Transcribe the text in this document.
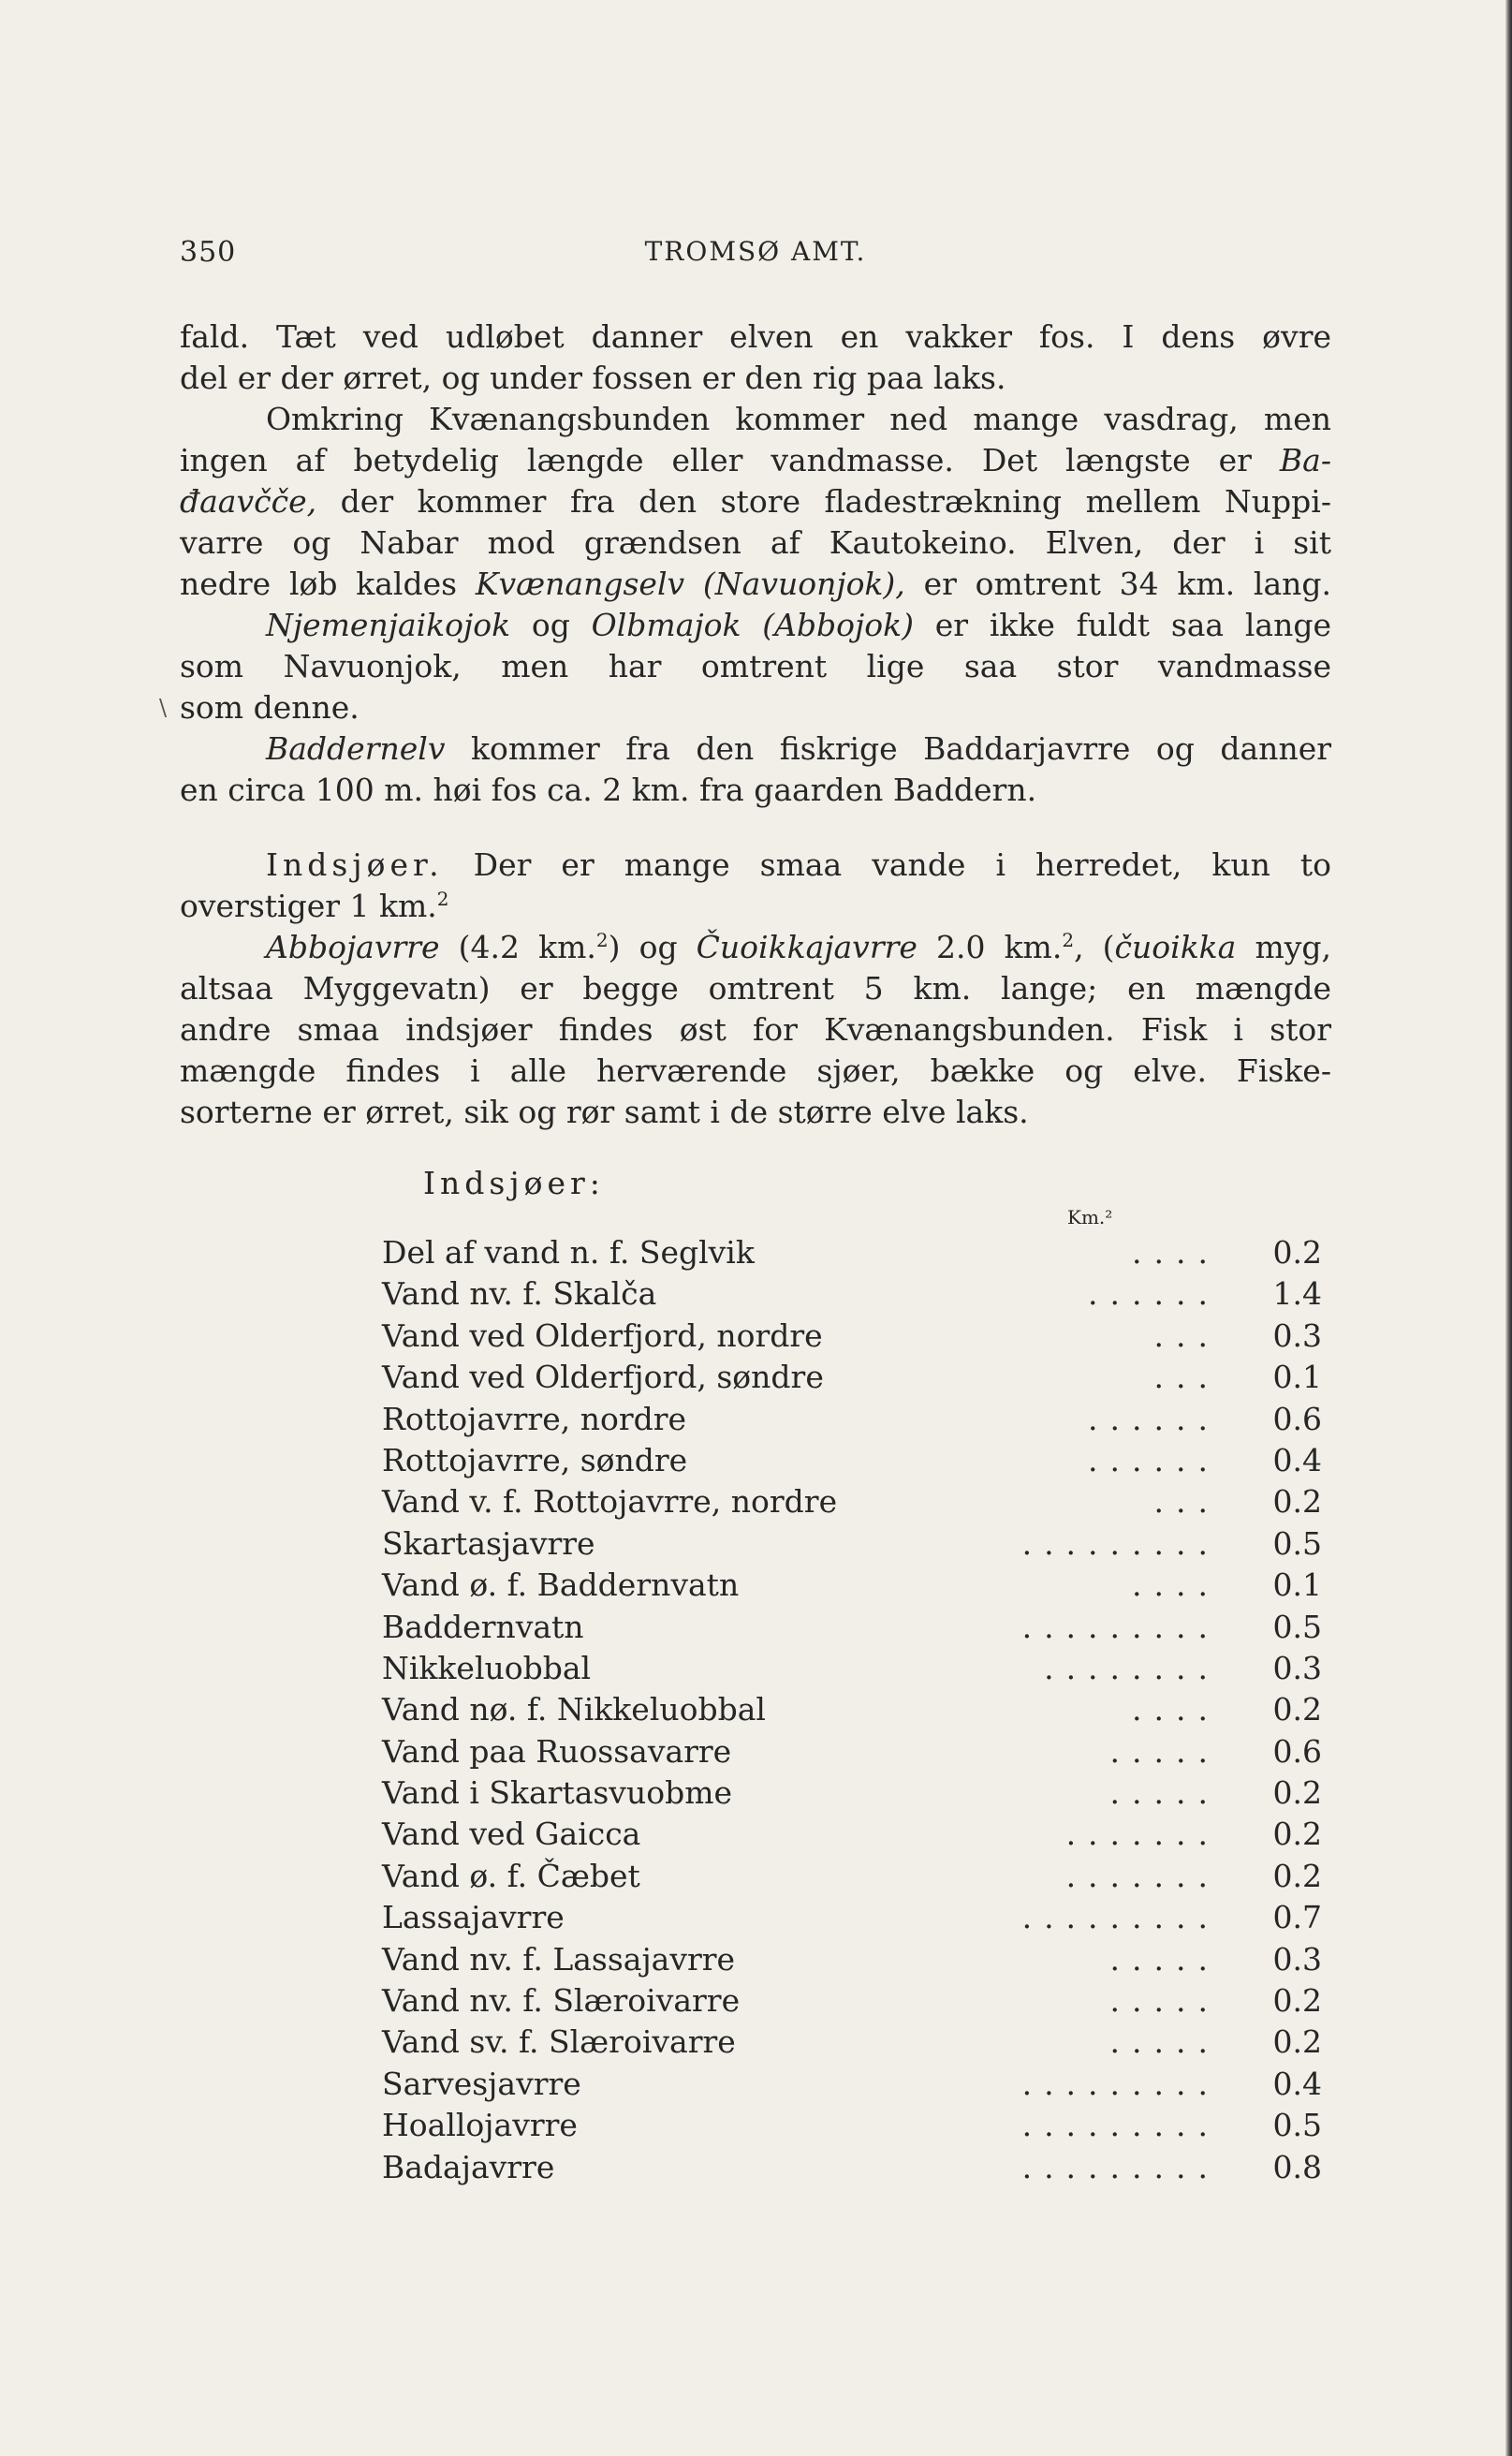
350	TROMSØ AMT.
fald. Tæt ved udløbet danner elven en vakker fos. I dens øvre
del er der ørret, og under fossen er den rig paa laks.
Omkring Kvænangsbunden kommer ned mange vasdrag, men
ingen af betydelig længde eller vandmasse. Det længste er Ba-
đaavčče, der kommer fra den store fladestrækning mellem Nuppi-
varre og Nabar mod grændsen af Kautokeino. Elven, der i sit
nedre løb kaldes Kvænangselv (Navuonjok), er omtrent 34 km. lang.
Njemenjaikojok og Olbmajok (Abbojok) er ikke fuldt saa lange
som Navuonjok, men har omtrent lige saa stor vandmasse
\ som denne.
Baddernelv kommer fra den fiskrige Baddarjavrre og danner
en circa 100 m. høi fos ca. 2 km. fra gaarden Baddern.
Indsjøer. Der er mange smaa vande i herredet, kun to
overstiger 1 km.$^2$
Abbojavrre (4.2 km.$^2$) og Čuoikkajavrre 2.0 km.$^2$, (čuoikka myg,
altsaa Myggevatn) er begge omtrent 5 km. lange; en mængde
andre smaa indsjøer findes øst for Kvænangsbunden. Fisk i stor
mængde findes i alle herværende sjøer, bække og elve. Fiske-
sorterne er ørret, sik og rør samt i de større elve laks.
Indsjøer:
Km.²
Del af vand n. f. Seglvik	.... 0.2
Vand nv. f. Skalča	...... 1.4
Vand ved Olderfjord, nordre	... 0.3
Vand ved Olderfjord, søndre	... 0.1
Rottojavrre, nordre	...... 0.6
Rottojavrre, søndre	...... 0.4
Vand v. f. Rottojavrre, nordre	... 0.2
Skartasjavrre	......... 0.5
Vand ø. f. Baddernvatn	.... 0.1
Baddernvatn	......... 0.5
Nikkeluobbal	........ 0.3
Vand nø. f. Nikkeluobbal	.... 0.2
Vand paa Ruossavarre	..... 0.6
Vand i Skartasvuobme	..... 0.2
Vand ved Gaicca	....... 0.2
Vand ø. f. Čæbet	....... 0.2
Lassajavrre	......... 0.7
Vand nv. f. Lassajavrre	..... 0.3
Vand nv. f. Slæroivarre	..... 0.2
Vand sv. f. Slæroivarre	..... 0.2
Sarvesjavrre	......... 0.4
Hoallojavrre	......... 0.5
Badajavrre	......... 0.8
